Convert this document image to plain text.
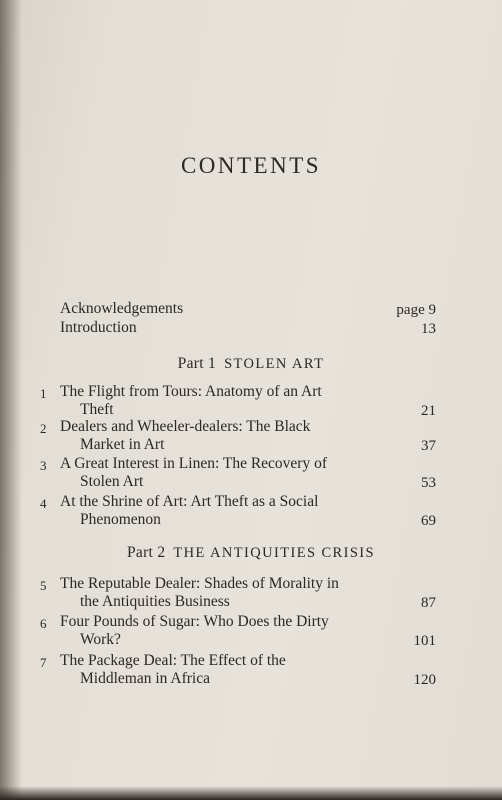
CONTENTS
Acknowledgements	page 9
Introduction	13
Part 1 STOLEN ART
1 The Flight from Tours: Anatomy of an Art
Theft	21
2 Dealers and Wheeler-dealers: The Black
Market in Art	37
3 A Great Interest in Linen: The Recovery of
Stolen Art	53
4 At the Shrine of Art: Art Theft as a Social
Phenomenon	69
Part 2 THE ANTIQUITIES CRISIS
5 The Reputable Dealer: Shades of Morality in
the Antiquities Business	87
6 Four Pounds of Sugar: Who Does the Dirty
Work?	101
7 The Package Deal: The Effect of the
Middleman in Africa	120
